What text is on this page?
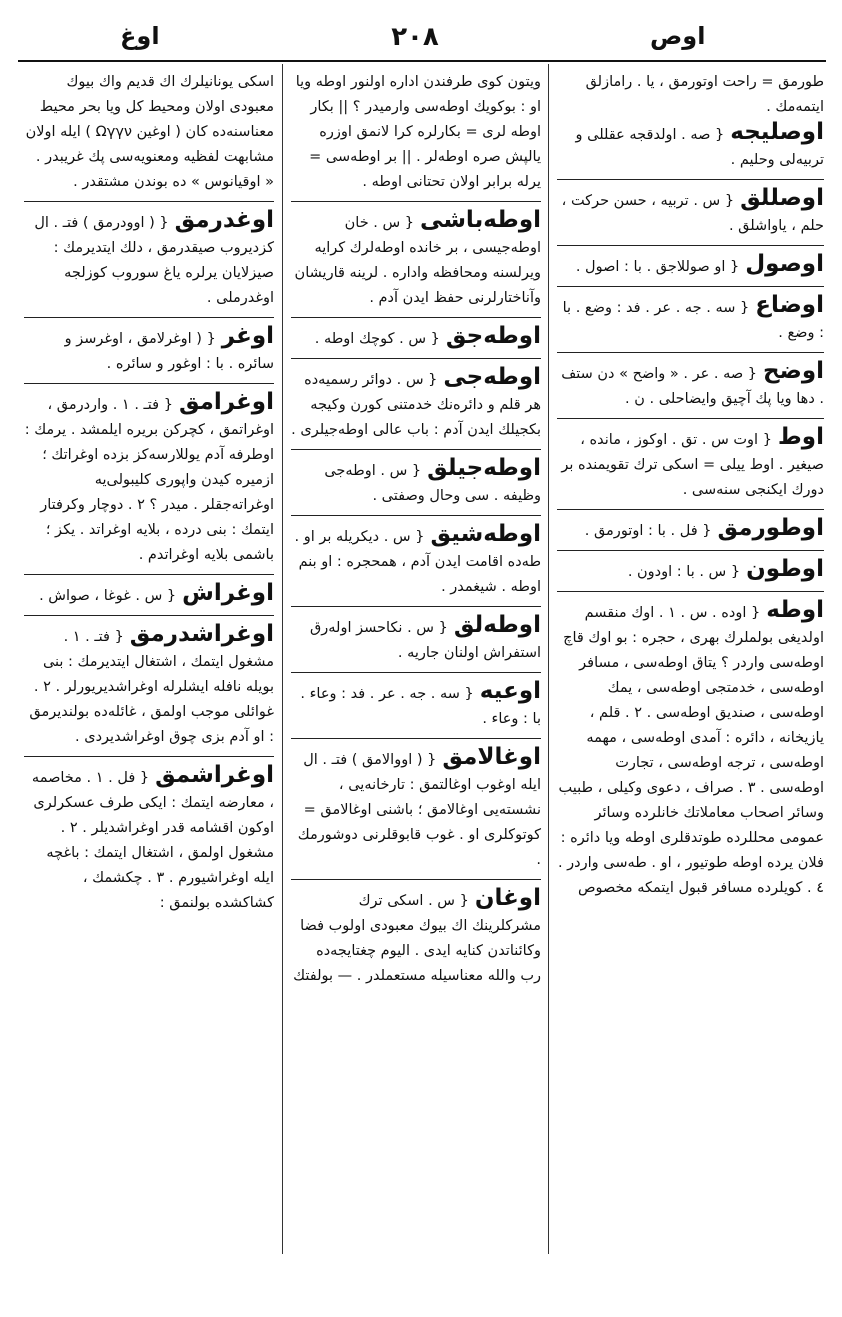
اوغ	٢٠٨	اوص
طورمق = راحت اوتورمق ، يا . رامازلق ايتمەمك .
اوصليجه{ صە . اولدقجه عقللى و تربيەلى وحليم .
اوصللق{ س . تربيە ، حسن حركت ، حلم ، ياواشلق .
اوصول{ او صوللاجق . با : اصول .
اوضاع{ سە . جە . عر . فد : وضع . با : وضع .
اوضح{ صە . عر . « واضح » دن ستف . دها ويا پك آچيق وايضاحلى . ن .
اوط{ اوت س . تق . اوكوز ، ماندە ، صيغير . اوط ييلى = اسكى ترك تقويمنده بر دورك ايكنجى سنەسى .
اوطورمق{ فل . با : اوتورمق .
اوطون{ س . با : اودون .
اوطه{ اوده . س . ١ . اوك منقسم اولديغى بولملرك بهرى ، حجره : بو اوك قاچ اوطەسى واردر ؟ يتاق اوطەسى ، مسافر اوطەسى ، خدمتجى اوطەسى ، يمك اوطەسى ، صنديق اوطەسى . ٢ . قلم ، يازيخانه ، دائره : آمدى اوطەسى ، مهمه اوطەسى ، ترجه اوطەسى ، تجارت اوطەسى . ٣ . صراف ، دعوى وكيلى ، طبيب وسائر اصحاب معاملاتك خانلرده وسائر عمومى محللرده طوتدقلرى اوطه ويا دائره : فلان يرده اوطه طوتيور ، او . طەسى واردر . ٤ . كويلرده مسافر قبول ايتمكه مخصوص
ويتون كوى طرفندن اداره اولنور اوطه ويا او : بوكويك اوطەسى وارميدر ؟ || بكار اوطه لرى = بكارلره كرا لانمق اوزره يالپش صره اوطەلر . || بر اوطەسى = يرله برابر اولان تحتانى اوطه .
اوطه‌باشى{ س . خان اوطەجيسى ، بر خانده اوطەلرك كرايه ويرلسنه ومحافظه واداره . لرينه قاريشان وآناختارلرنى حفظ ايدن آدم .
اوطه‌جق{ س . كوچك اوطه .
اوطه‌جى{ س . دوائر رسميەده هر قلم و دائرەنك خدمتنى كورن وكيجه بكجيلك ايدن آدم : باب عالى اوطەجيلرى .
اوطه‌جيلق{ س . اوطەجى وظيفه . سى وحال وصفتى .
اوطه‌شيق{ س . ديكريله بر او . طەده اقامت ايدن آدم ، همحجره : او بنم اوطه . شيغمدر .
اوطه‌لق{ س . نكاحسز اولەرق استفراش اولنان جاريه .
اوعيه{ سە . جە . عر . فد : وعاء . با : وعاء .
اوغالامق{ ( اووالامق ) فتـ . ال ايله اوغوب اوغالتمق : تارخانەيى ، نشستەيى اوغالامق ؛ باشنى اوغالامق = كوتوكلرى او . غوب قابوقلرنى دوشورمك .
اوغان{ س . اسكى ترك مشركلرينك اك بيوك معبودى اولوب فضا وكائناتدن كنايه ايدى . اليوم چغتايجەده رب والله معناسيله مستعملدر . — بولفتك
اسكى يونانيلرك اك قديم واك بيوك معبودى اولان ومحيط كل ويا بحر محيط معناسنەده كان ( اوغين Ωγγν ) ايله اولان مشابهت لفظيه ومعنويەسى پك غريبدر . « اوقيانوس » ده بوندن مشتقدر .
اوغدرمق{ ( اوودرمق ) فتـ . ال كزديروب صيقدرمق ، دلك ايتديرمك : صيزلايان يرلره ياغ سوروب كوزلجه اوغدرملى .
اوغر{ ( اوغرلامق ، اوغرسز و سائره . با : اوغور و سائره .
اوغرامق{ فتـ . ١ . واردرمق ، اوغراتمق ، كچركن بريره ايلمشد . يرمك : اوطرفه آدم يوللارسه‌كز بزده اوغراتك ؛ ازميره كيدن واپورى كليبولى‌يه اوغراتەجقلر . ميدر ؟ ٢ . دوچار وكرفتار ايتمك : بنى درده ، بلايه اوغراتد . يكز ؛ باشمى بلايه اوغراتدم .
اوغراش{ س . غوغا ، صواش .
اوغراشدرمق{ فتـ . ١ . مشغول ايتمك ، اشتغال ايتديرمك : بنى بويله نافله ايشلرله اوغراشديريورلر . ٢ . غوائلى موجب اولمق ، غائلەده بولنديرمق : او آدم بزى چوق اوغراشديردى .
اوغراشمق{ فل . ١ . مخاصمه ، معارضه ايتمك : ايكى طرف عسكرلرى اوكون اقشامه قدر اوغراشديلر . ٢ . مشغول اولمق ، اشتغال ايتمك : باغچه ايله اوغراشيورم . ٣ . چكشمك ، كشاكشده بولنمق :
